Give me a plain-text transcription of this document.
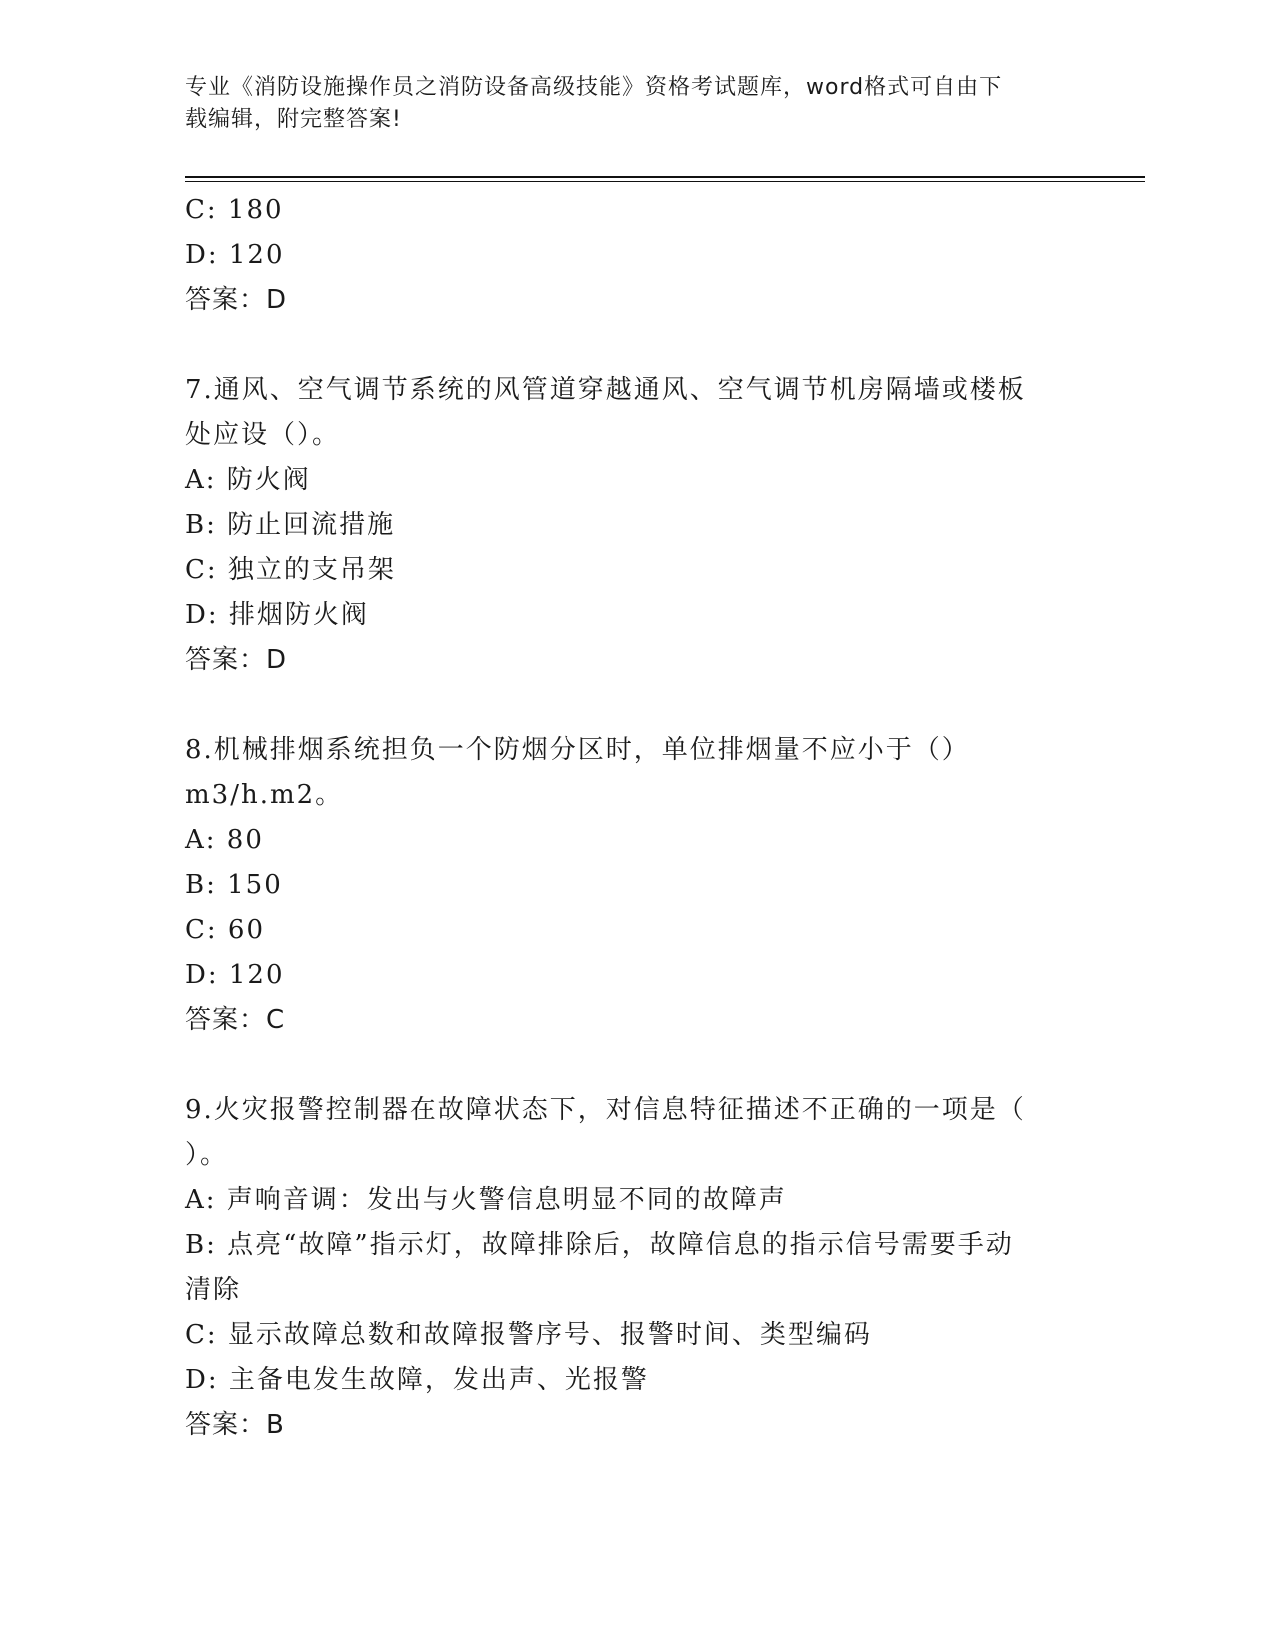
专业《消防设施操作员之消防设备高级技能》资格考试题库，word格式可自由下
载编辑，附完整答案!
C: 180
D: 120
答案：D
7.通风、空气调节系统的风管道穿越通风、空气调节机房隔墙或楼板
处应设（）。
A: 防火阀
B: 防止回流措施
C: 独立的支吊架
D: 排烟防火阀
答案：D
8.机械排烟系统担负一个防烟分区时，单位排烟量不应小于（）
m3/h.m2。
A: 80
B: 150
C: 60
D: 120
答案：C
9.火灾报警控制器在故障状态下，对信息特征描述不正确的一项是（
）。
A: 声响音调：发出与火警信息明显不同的故障声
B: 点亮“故障”指示灯，故障排除后，故障信息的指示信号需要手动
清除
C: 显示故障总数和故障报警序号、报警时间、类型编码
D: 主备电发生故障，发出声、光报警
答案：B
